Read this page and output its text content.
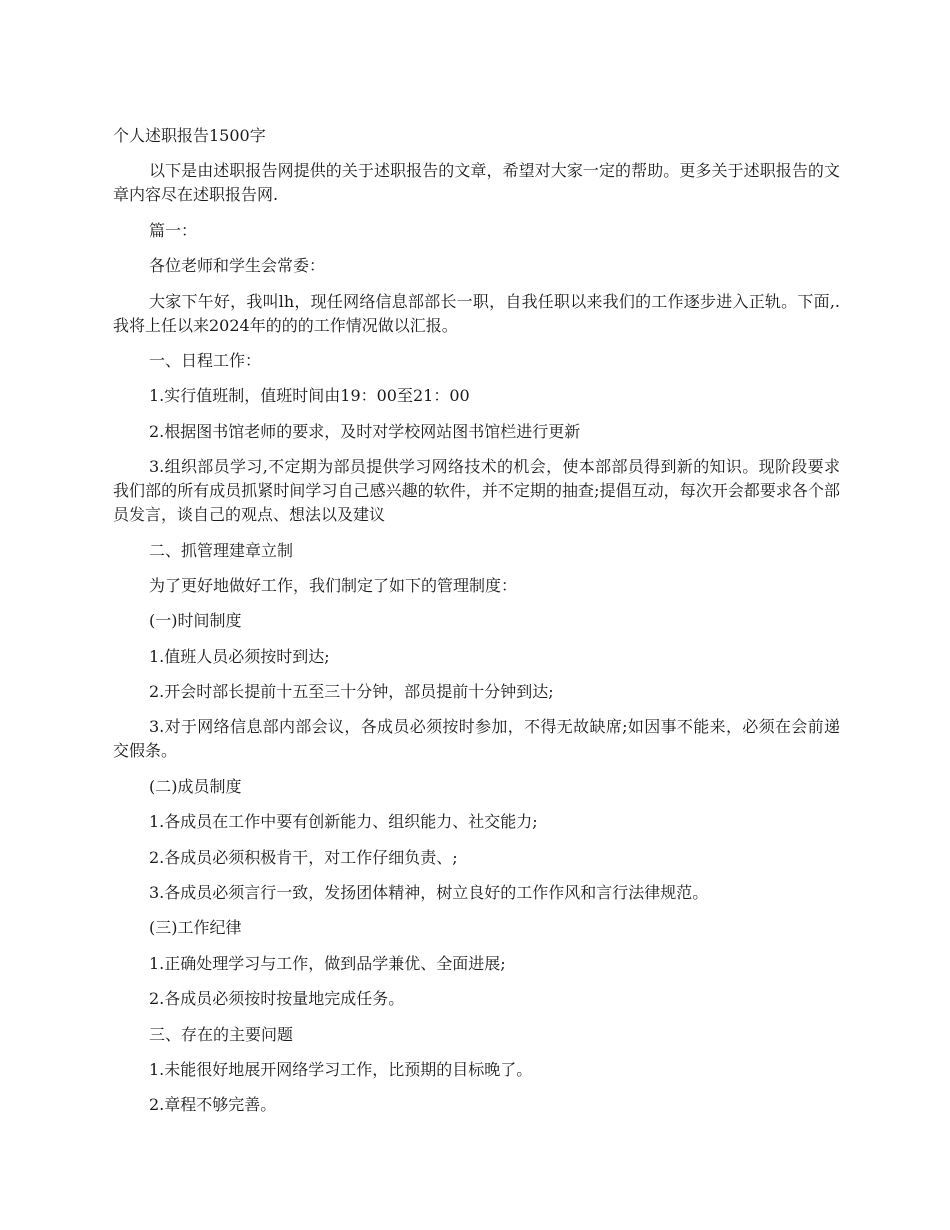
个人述职报告1500字

以下是由述职报告网提供的关于述职报告的文章，希望对大家一定的帮助。更多关于述职报告的文章内容尽在述职报告网.

篇一：

各位老师和学生会常委：

大家下午好，我叫lh，现任网络信息部部长一职，自我任职以来我们的工作逐步进入正轨。下面,.我将上任以来2024年的的的工作情况做以汇报。

一、日程工作：

1.实行值班制，值班时间由19：00至21：00

2.根据图书馆老师的要求，及时对学校网站图书馆栏进行更新

3.组织部员学习,不定期为部员提供学习网络技术的机会，使本部部员得到新的知识。现阶段要求我们部的所有成员抓紧时间学习自己感兴趣的软件，并不定期的抽查;提倡互动，每次开会都要求各个部员发言，谈自己的观点、想法以及建议

二、抓管理建章立制

为了更好地做好工作，我们制定了如下的管理制度：

(一)时间制度

1.值班人员必须按时到达;

2.开会时部长提前十五至三十分钟，部员提前十分钟到达;

3.对于网络信息部内部会议，各成员必须按时参加，不得无故缺席;如因事不能来，必须在会前递交假条。

(二)成员制度

1.各成员在工作中要有创新能力、组织能力、社交能力;

2.各成员必须积极肯干，对工作仔细负责、;

3.各成员必须言行一致，发扬团体精神，树立良好的工作作风和言行法律规范。

(三)工作纪律

1.正确处理学习与工作，做到品学兼优、全面进展;

2.各成员必须按时按量地完成任务。

三、存在的主要问题

1.未能很好地展开网络学习工作，比预期的目标晚了。

2.章程不够完善。
